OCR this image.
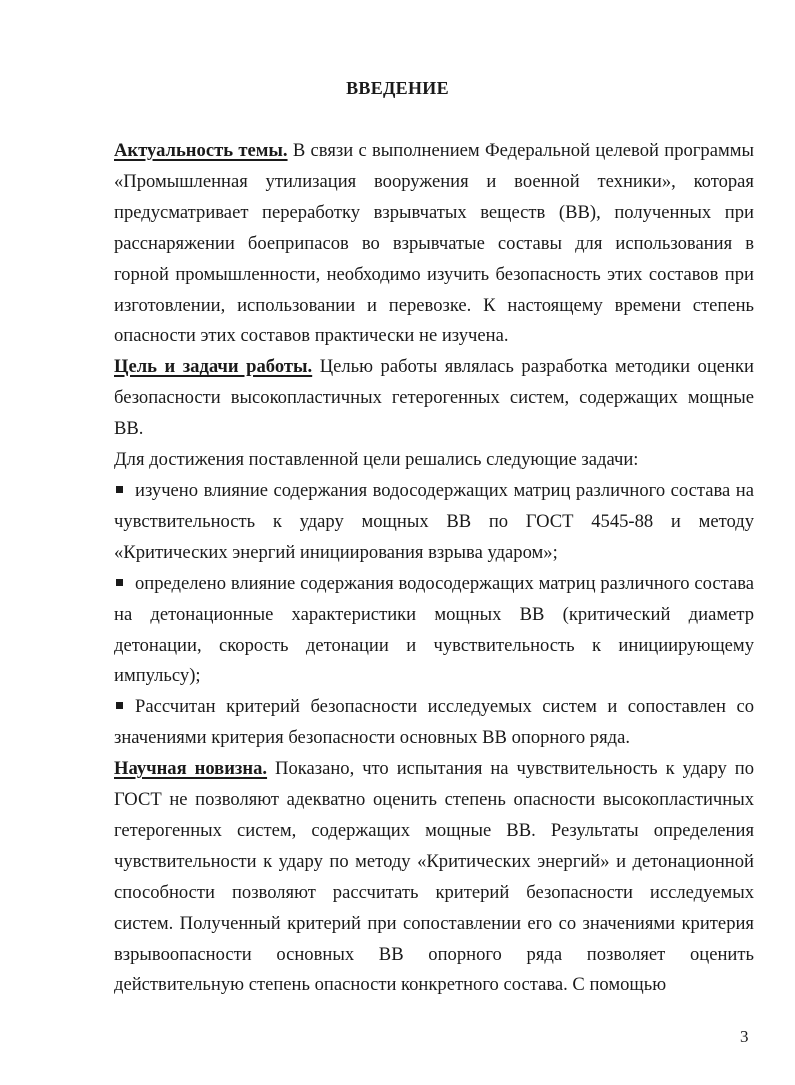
ВВЕДЕНИЕ

Актуальность темы. В связи с выполнением Федеральной целевой программы «Промышленная утилизация вооружения и военной техники», которая предусматривает переработку взрывчатых веществ (ВВ), полученных при расснаряжении боеприпасов во взрывчатые составы для использования в горной промышленности, необходимо изучить безопасность этих составов при изготовлении, использовании и перевозке. К настоящему времени степень опасности этих составов практически не изучена.

Цель и задачи работы. Целью работы являлась разработка методики оценки безопасности высокопластичных гетерогенных систем, содержащих мощные ВВ.

Для достижения поставленной цели решались следующие задачи:

изучено влияние содержания водосодержащих матриц различного состава на чувствительность к удару мощных ВВ по ГОСТ 4545-88 и методу «Критических энергий инициирования взрыва ударом»;

определено влияние содержания водосодержащих матриц различного состава на детонационные характеристики мощных ВВ (критический диаметр детонации, скорость детонации и чувствительность к инициирующему импульсу);

Рассчитан критерий безопасности исследуемых систем и сопоставлен со значениями критерия безопасности основных ВВ опорного ряда.

Научная новизна. Показано, что испытания на чувствительность к удару по ГОСТ не позволяют адекватно оценить степень опасности высокопластичных гетерогенных систем, содержащих мощные ВВ. Результаты определения чувствительности к удару по методу «Критических энергий» и детонационной способности позволяют рассчитать критерий безопасности исследуемых систем. Полученный критерий при сопоставлении его со значениями критерия взрывоопасности основных ВВ опорного ряда позволяет оценить действительную степень опасности конкретного состава. С помощью

3
